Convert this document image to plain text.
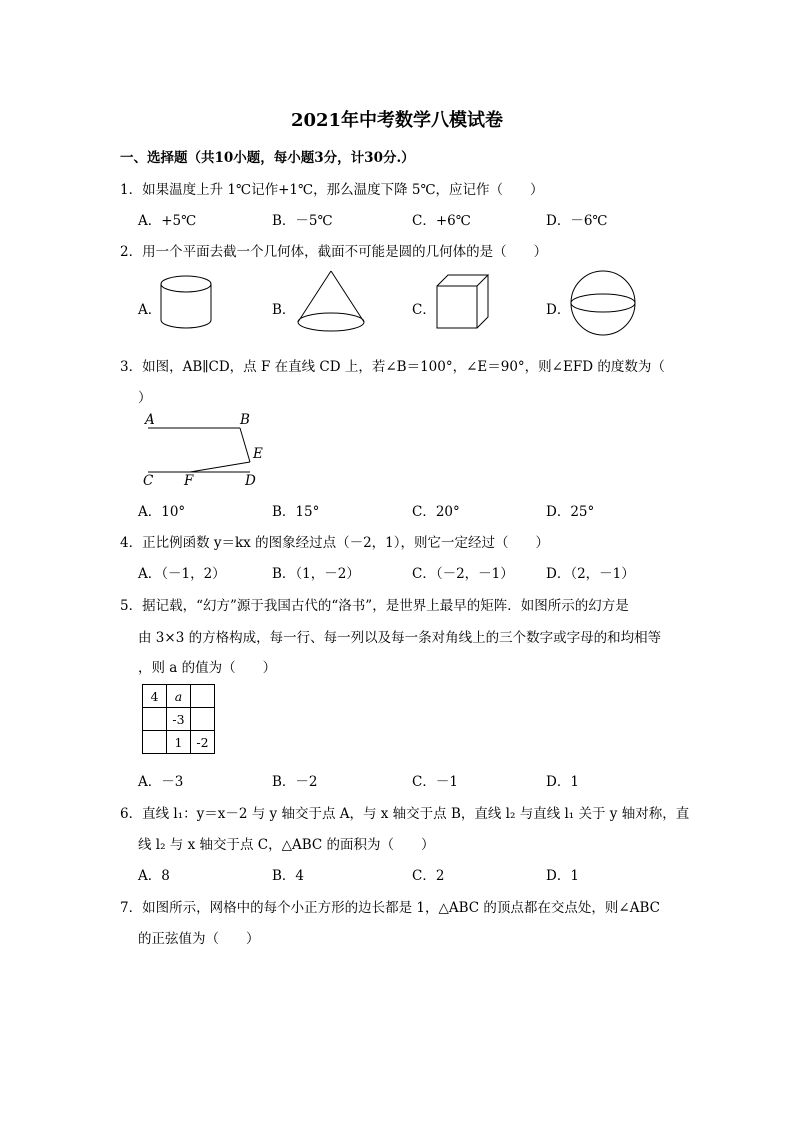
2021年中考数学八模试卷
一、选择题（共10小题，每小题3分，计30分.）
1．如果温度上升 1℃记作+1℃，那么温度下降 5℃，应记作（　　）
A．+5℃	B．－5℃	C．+6℃	D．－6℃
2．用一个平面去截一个几何体，截面不可能是圆的几何体的是（　　）
A．	B．	C．	D．
3．如图，AB∥CD，点 F 在直线 CD 上，若∠B＝100°，∠E＝90°，则∠EFD 的度数为（
）
A	B
E
C F	D
A．10°	B．15°	C．20°	D．25°
4．正比例函数 y＝kx 的图象经过点（－2，1），则它一定经过（　　）
A．（－1，2）	B．（1，－2）	C．（－2，－1） D．（2，－1）
5．据记载，“幻方”源于我国古代的“洛书”，是世界上最早的矩阵．如图所示的幻方是
由 3×3 的方格构成，每一行、每一列以及每一条对角线上的三个数字或字母的和均相等
，则 a 的值为（　　）
4	a	
	-3	
	1	-2
A．－3	B．－2	C．－1	D．1
6．直线 l₁：y＝x－2 与 y 轴交于点 A，与 x 轴交于点 B，直线 l₂ 与直线 l₁ 关于 y 轴对称，直
线 l₂ 与 x 轴交于点 C，△ABC 的面积为（　　）
A．8	B．4	C．2	D．1
7．如图所示，网格中的每个小正方形的边长都是 1，△ABC 的顶点都在交点处，则∠ABC
的正弦值为（　　）
